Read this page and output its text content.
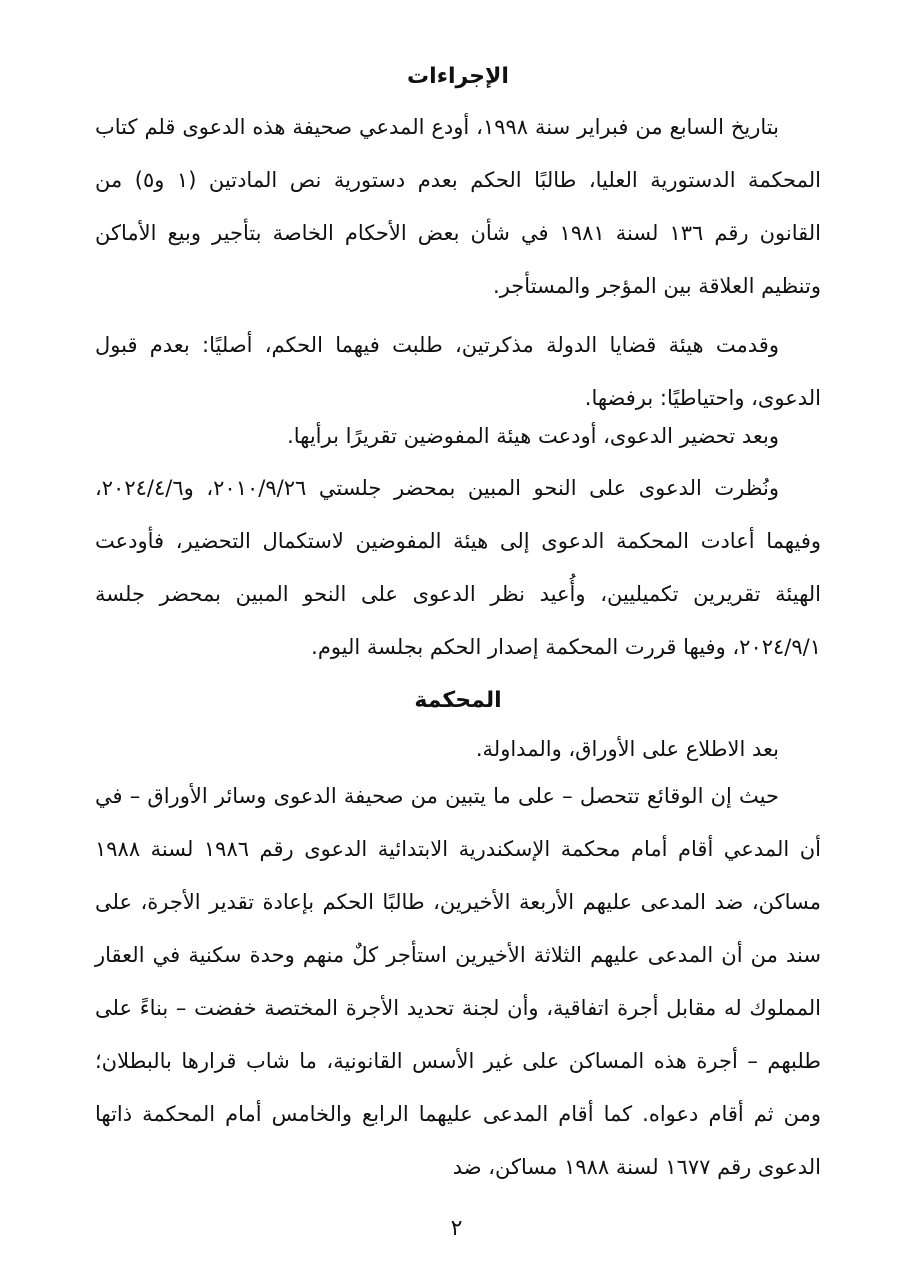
الإجراءات

بتاريخ السابع من فبراير سنة ١٩٩٨، أودع المدعي صحيفة هذه الدعوى قلم كتاب المحكمة الدستورية العليا، طالبًا الحكم بعدم دستورية نص المادتين (١ و٥) من القانون رقم ١٣٦ لسنة ١٩٨١ في شأن بعض الأحكام الخاصة بتأجير وبيع الأماكن وتنظيم العلاقة بين المؤجر والمستأجر.

وقدمت هيئة قضايا الدولة مذكرتين، طلبت فيهما الحكم، أصليًا: بعدم قبول الدعوى، واحتياطيًا: برفضها.

وبعد تحضير الدعوى، أودعت هيئة المفوضين تقريرًا برأيها.

ونُظرت الدعوى على النحو المبين بمحضر جلستي ٢٠١٠/٩/٢٦، و٢٠٢٤/٤/٦، وفيهما أعادت المحكمة الدعوى إلى هيئة المفوضين لاستكمال التحضير، فأودعت الهيئة تقريرين تكميليين، وأُعيد نظر الدعوى على النحو المبين بمحضر جلسة ٢٠٢٤/٩/١، وفيها قررت المحكمة إصدار الحكم بجلسة اليوم.

المحكمة

بعد الاطلاع على الأوراق، والمداولة.

حيث إن الوقائع تتحصل – على ما يتبين من صحيفة الدعوى وسائر الأوراق – في أن المدعي أقام أمام محكمة الإسكندرية الابتدائية الدعوى رقم ١٩٨٦ لسنة ١٩٨٨ مساكن، ضد المدعى عليهم الأربعة الأخيرين، طالبًا الحكم بإعادة تقدير الأجرة، على سند من أن المدعى عليهم الثلاثة الأخيرين استأجر كلٌ منهم وحدة سكنية في العقار المملوك له مقابل أجرة اتفاقية، وأن لجنة تحديد الأجرة المختصة خفضت – بناءً على طلبهم – أجرة هذه المساكن على غير الأسس القانونية، ما شاب قرارها بالبطلان؛ ومن ثم أقام دعواه. كما أقام المدعى عليهما الرابع والخامس أمام المحكمة ذاتها الدعوى رقم ١٦٧٧ لسنة ١٩٨٨ مساكن، ضد

٢
